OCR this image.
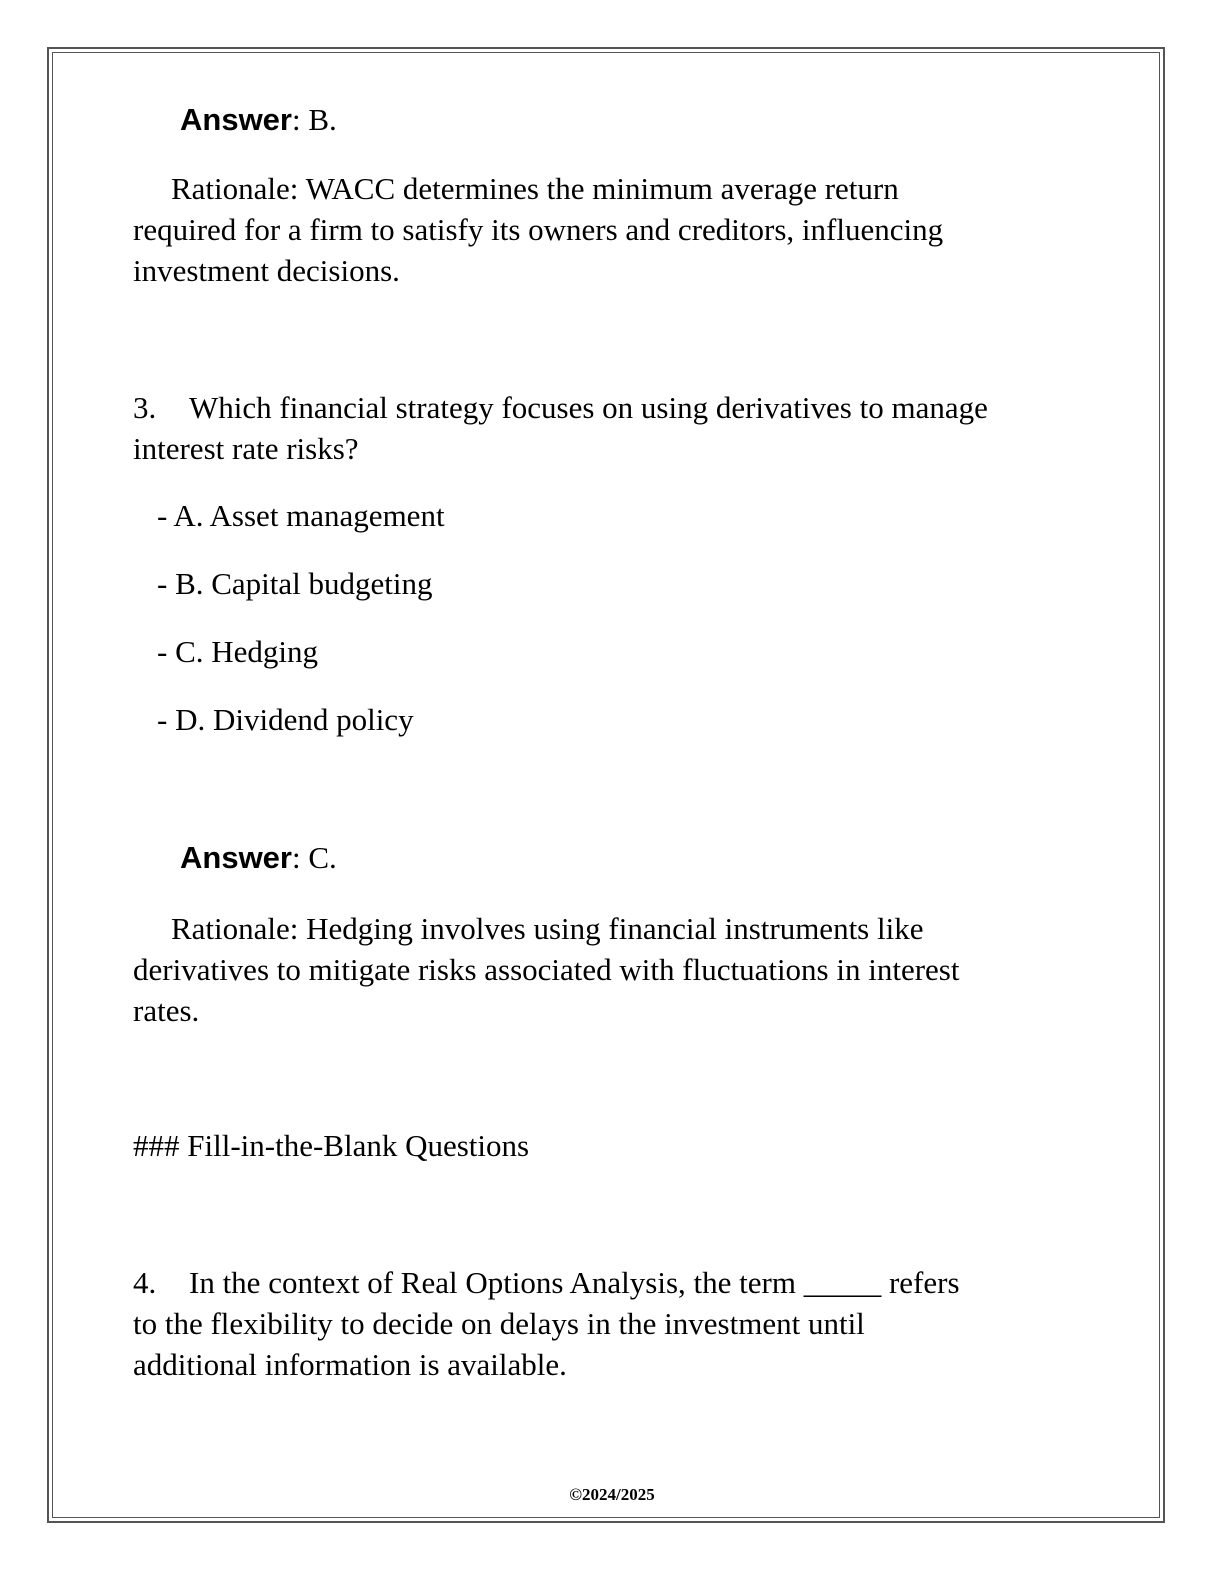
Answer: B.
Rationale: WACC determines the minimum average return
required for a firm to satisfy its owners and creditors, influencing
investment decisions.
3. Which financial strategy focuses on using derivatives to manage
interest rate risks?
- A. Asset management
- B. Capital budgeting
- C. Hedging
- D. Dividend policy
Answer: C.
Rationale: Hedging involves using financial instruments like
derivatives to mitigate risks associated with fluctuations in interest
rates.
### Fill-in-the-Blank Questions
4. In the context of Real Options Analysis, the term _____ refers
to the flexibility to decide on delays in the investment until
additional information is available.
©2024/2025
